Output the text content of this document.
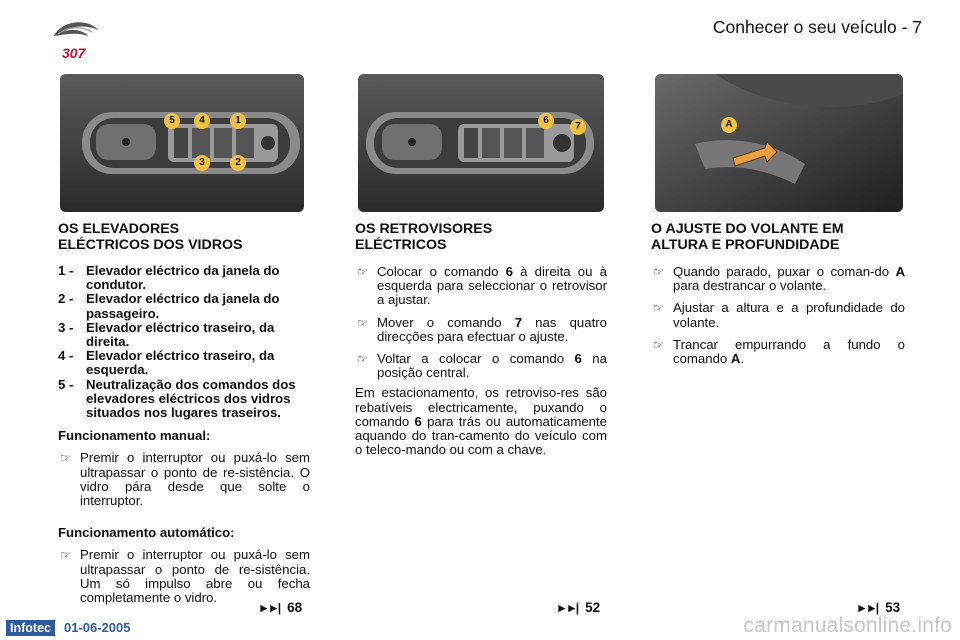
307
Conhecer o seu veículo - 7
5	4	1
3	2
6
7	A
OS ELEVADORES
ELÉCTRICOS DOS VIDROS
1 - Elevador eléctrico da janela do condutor.
2 - Elevador eléctrico da janela do passageiro.
3 - Elevador eléctrico traseiro, da direita.
4 - Elevador eléctrico traseiro, da esquerda.
5 - Neutralização dos comandos dos elevadores eléctricos dos vidros situados nos lugares traseiros.
Funcionamento manual:
☞ Premir o interruptor ou puxá-lo sem ultrapassar o ponto de re-sistência. O vidro pára desde que solte o interruptor.
Funcionamento automático:
☞ Premir o interruptor ou puxá-lo sem ultrapassar o ponto de re-sistência. Um só impulso abre ou fecha completamente o vidro.
OS RETROVISORES
ELÉCTRICOS
☞ Colocar o comando 6 à direita ou à esquerda para seleccionar o retrovisor a ajustar.
☞ Mover o comando 7 nas quatro direcções para efectuar o ajuste.
☞ Voltar a colocar o comando 6 na posição central.
Em estacionamento, os retroviso-res são rebatíveis electricamente, puxando o comando 6 para trás ou automaticamente aquando do tran-camento do veículo com o teleco-mando ou com a chave.
O AJUSTE DO VOLANTE EM
ALTURA E PROFUNDIDADE
☞ Quando parado, puxar o coman-do A para destrancar o volante.
☞ Ajustar a altura e a profundidade do volante.
☞ Trancar empurrando a fundo o comando A.
►►| 68	►►| 52	►►| 53
Infotec	01-06-2005	carmanualsonline.info
